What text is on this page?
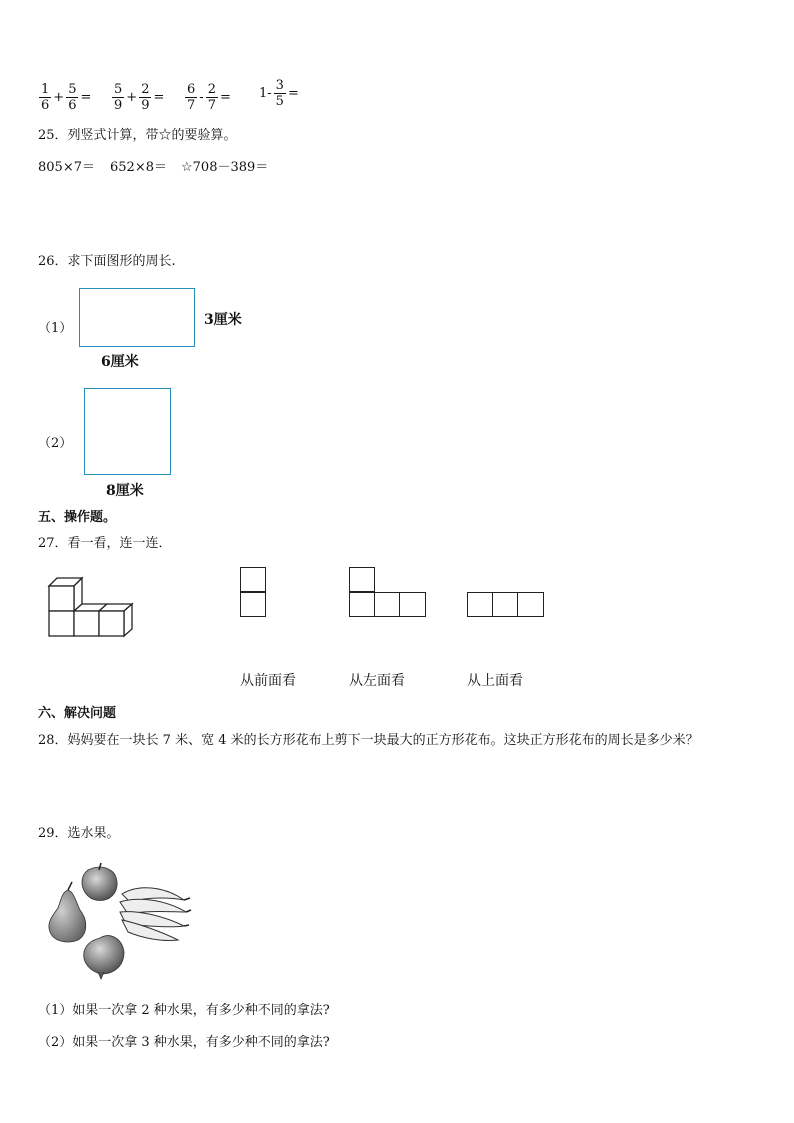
$\frac{1}{6} + \frac{5}{6} = \frac{5}{9} + \frac{2}{9} = \frac{6}{7} - \frac{2}{7} = 1- \frac{3}{5}$ =
25．列竖式计算，带☆的要验算。
805×7＝ 652×8＝ ☆708－389＝
26．求下面图形的周长.
（1）
3厘米
6厘米
（2）
8厘米
五、操作题。
27．看一看，连一连．
从前面看	从左面看	从上面看
六、解决问题
28．妈妈要在一块长 7 米、宽 4 米的长方形花布上剪下一块最大的正方形花布。这块正方形花布的周长是多少米？
29．选水果。
（1）如果一次拿 2 种水果，有多少种不同的拿法?
（2）如果一次拿 3 种水果，有多少种不同的拿法?
